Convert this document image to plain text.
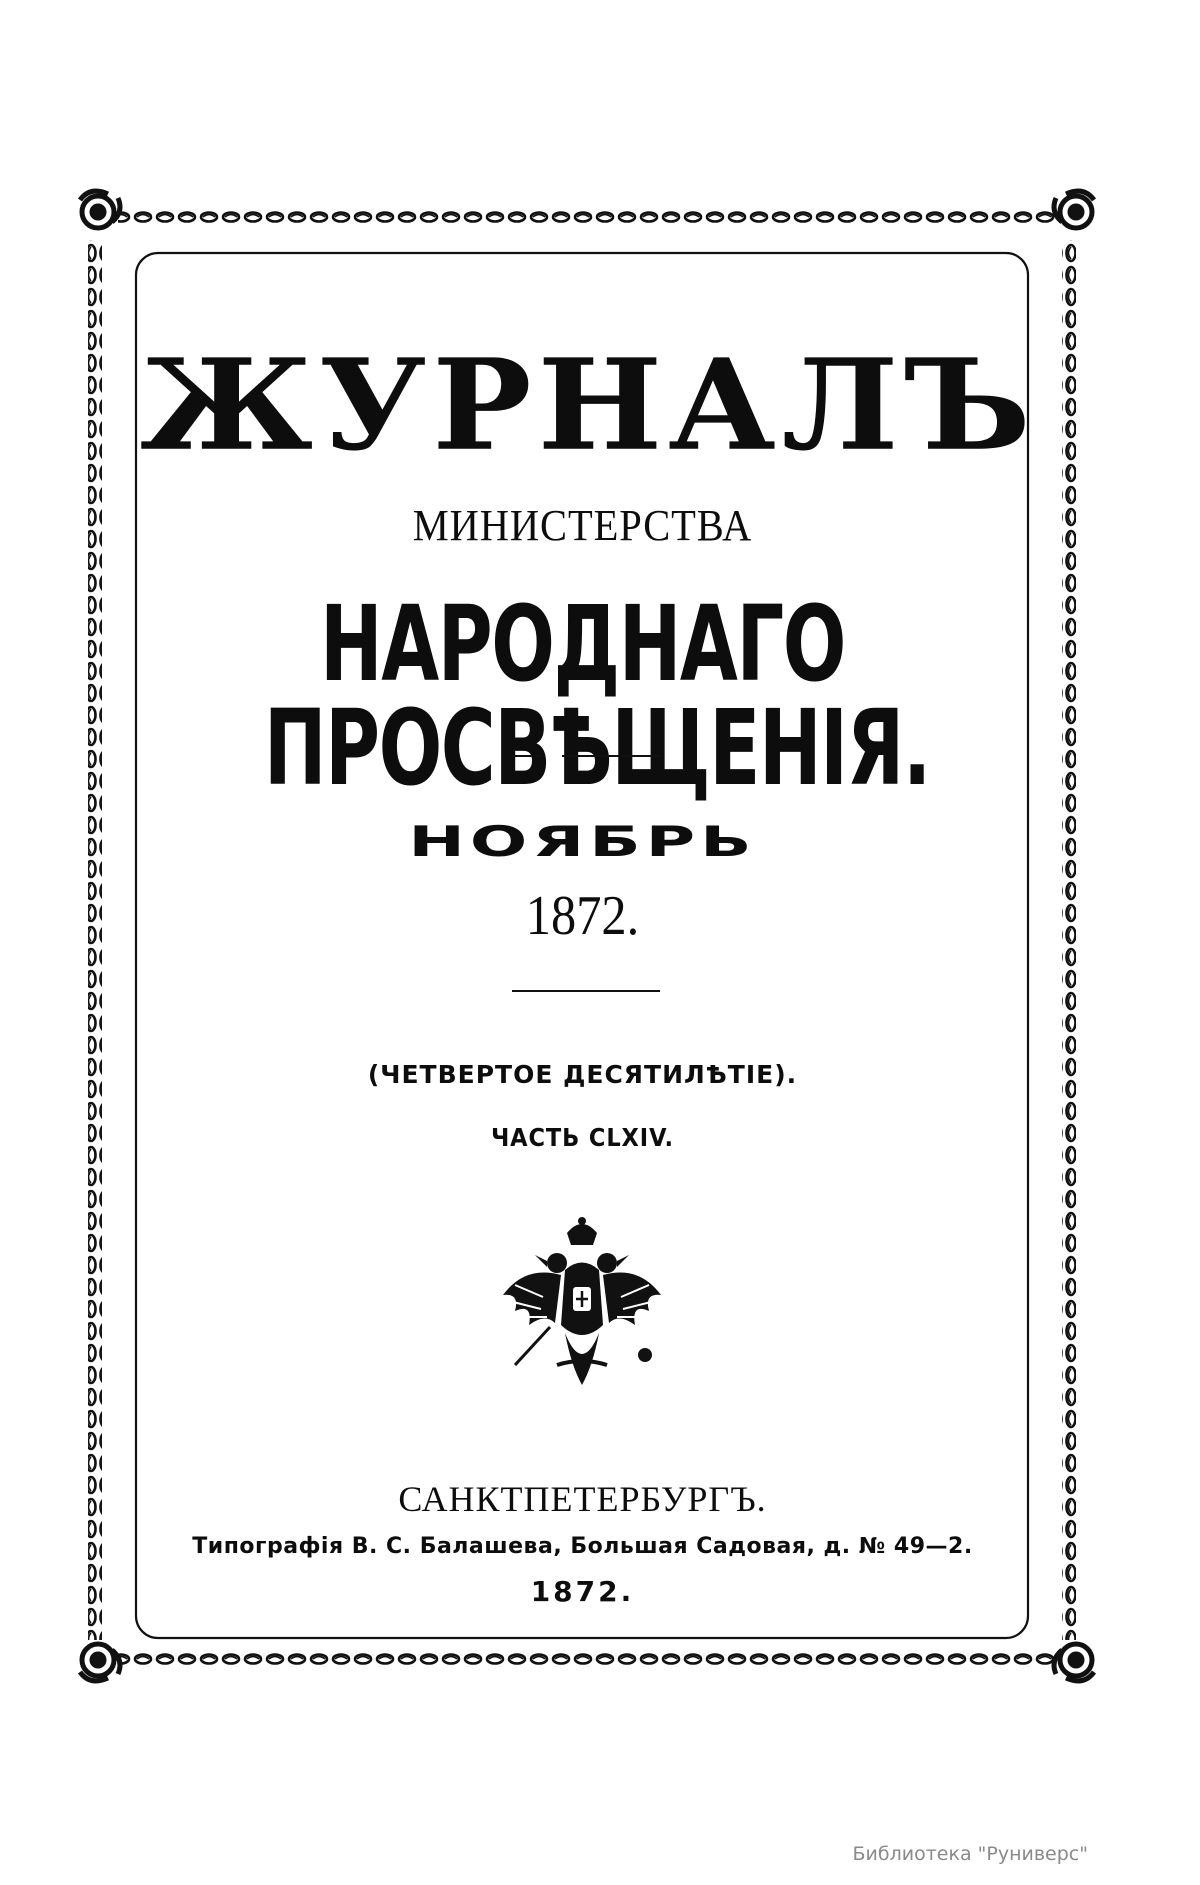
ЖУРНАЛЪ
МИНИСТЕРСТВА
НАРОДНАГО ПРОСВѢЩЕНІЯ.
НОЯБРЬ
1872.
(ЧЕТВЕРТОЕ ДЕСЯТИЛѢТІЕ).
ЧАСТЬ CLXIV.
САНКТПЕТЕРБУРГЪ.
Типографія В. С. Балашева, Большая Садовая, д. № 49—2.
1872.
Библиотека "Руниверс"
